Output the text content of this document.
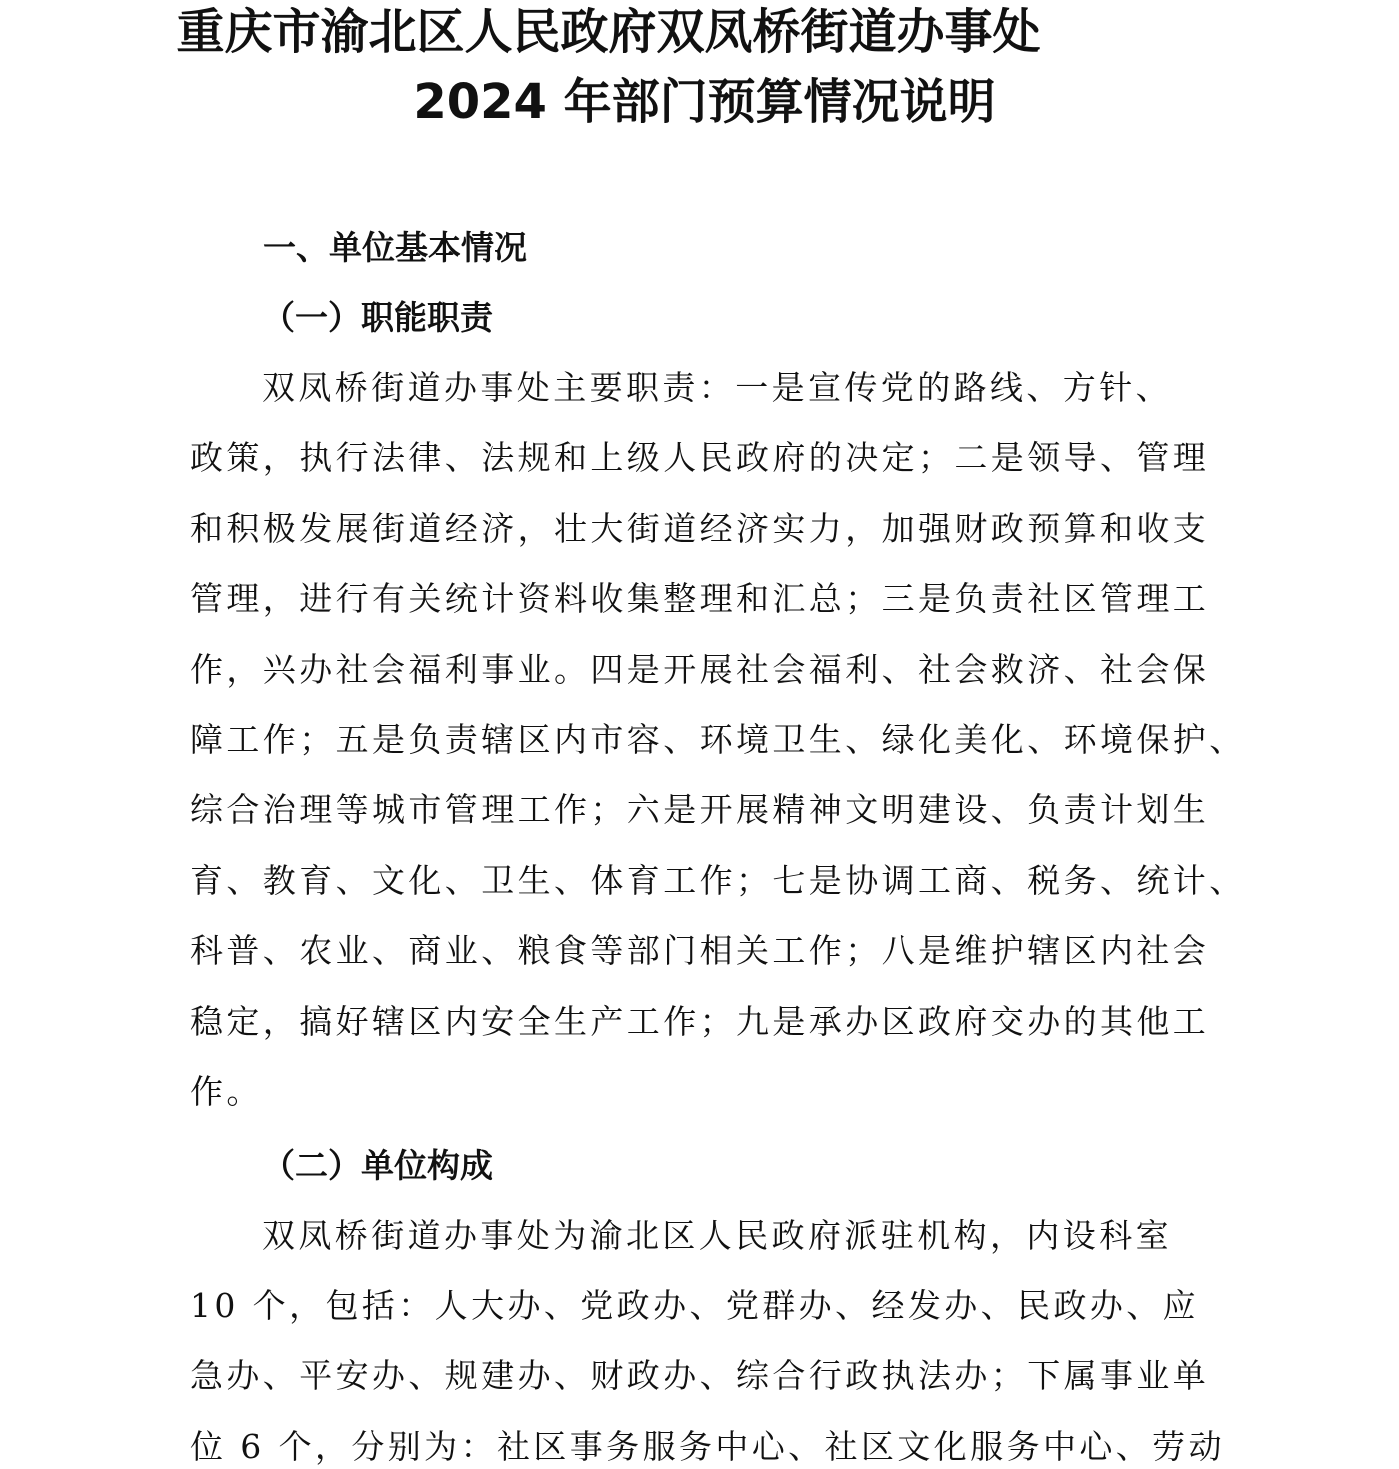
重庆市渝北区人民政府双凤桥街道办事处
2024 年部门预算情况说明
一、单位基本情况
（一）职能职责

双凤桥街道办事处主要职责：一是宣传党的路线、方针、

政策，执行法律、法规和上级人民政府的决定；二是领导、管理

和积极发展街道经济，壮大街道经济实力，加强财政预算和收支

管理，进行有关统计资料收集整理和汇总；三是负责社区管理工

作，兴办社会福利事业。四是开展社会福利、社会救济、社会保

障工作；五是负责辖区内市容、环境卫生、绿化美化、环境保护、

综合治理等城市管理工作；六是开展精神文明建设、负责计划生

育、教育、文化、卫生、体育工作；七是协调工商、税务、统计、

科普、农业、商业、粮食等部门相关工作；八是维护辖区内社会

稳定，搞好辖区内安全生产工作；九是承办区政府交办的其他工

作。

（二）单位构成

双凤桥街道办事处为渝北区人民政府派驻机构，内设科室

10 个，包括：人大办、党政办、党群办、经发办、民政办、应

急办、平安办、规建办、财政办、综合行政执法办；下属事业单

位 6 个，分别为：社区事务服务中心、社区文化服务中心、劳动
